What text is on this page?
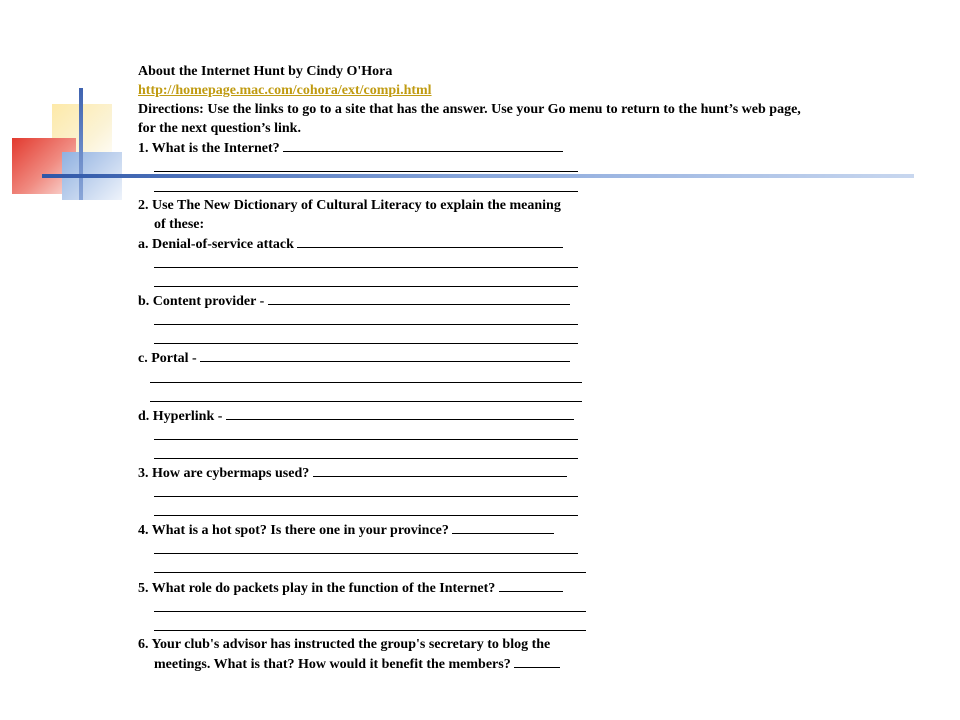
About the Internet Hunt by Cindy O'Hora
http://homepage.mac.com/cohora/ext/compi.html
Directions: Use the links to go to a site that has the answer. Use your Go menu to return to the hunt’s web page,
for the next question’s link.
1. What is the Internet?
2. Use The New Dictionary of Cultural Literacy to explain the meaning
of these:
a. Denial-of-service attack
b. Content provider -
c. Portal -
d. Hyperlink -
3. How are cybermaps used?
4. What is a hot spot? Is there one in your province?
5. What role do packets play in the function of the Internet?
6. Your club's advisor has instructed the group's secretary to blog the
meetings. What is that? How would it benefit the members?
